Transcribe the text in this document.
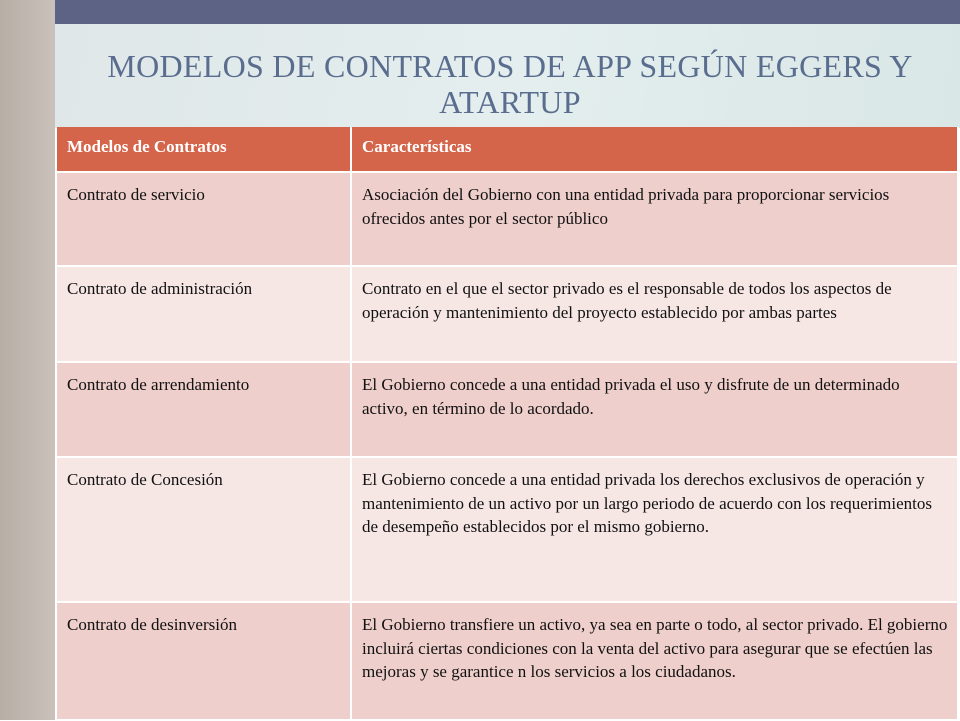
MODELOS DE CONTRATOS DE APP SEGÚN EGGERS Y ATARTUP
Modelos de Contratos	Características
Contrato de servicio	Asociación del Gobierno con una entidad privada para proporcionar servicios ofrecidos antes por el sector público
Contrato de administración	Contrato en el que el sector privado es el responsable de todos los aspectos de operación y mantenimiento del proyecto establecido por ambas partes
Contrato de arrendamiento	El Gobierno concede a una entidad privada el uso y disfrute de un determinado activo, en término de lo acordado.
Contrato de Concesión	El Gobierno concede a una entidad privada los derechos exclusivos de operación y mantenimiento de un activo por un largo periodo de acuerdo con los requerimientos de desempeño establecidos por el mismo gobierno.
Contrato de desinversión	El Gobierno transfiere un activo, ya sea en parte o todo, al sector privado. El gobierno incluirá ciertas condiciones con la venta del activo para asegurar que se efectúen las mejoras y se garantice n los servicios a los ciudadanos.
